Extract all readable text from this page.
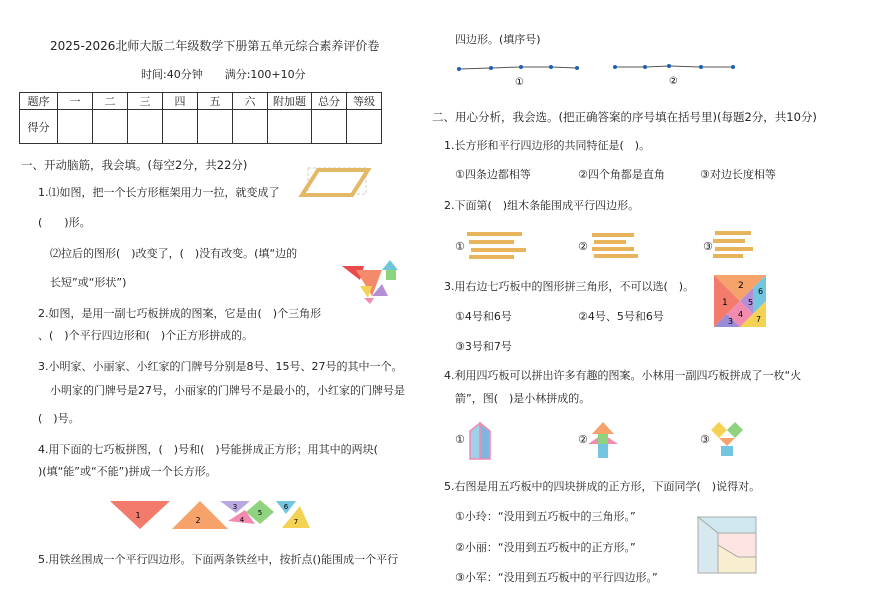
2025-2026北师大版二年级数学下册第五单元综合素养评价卷
时间:40分钟　　满分:100+10分
题序	一	二	三	四	五	六	附加题	总分	等级
得分									
一、开动脑筋，我会填。(每空2分，共22分)
1.⑴如图，把一个长方形框架用力一拉，就变成了
(　　)形。
⑵拉后的图形(　)改变了，(　)没有改变。(填“边的
长短”或“形状”)
2.如图，是用一副七巧板拼成的图案，它是由(　)个三角形
、(　)个平行四边形和(　)个正方形拼成的。
3.小明家、小丽家、小红家的门牌号分别是8号、15号、27号的其中一个。
小明家的门牌号是27号，小丽家的门牌号不是最小的，小红家的门牌号是
(　)号。
4.用下面的七巧板拼图，(　)号和(　)号能拼成正方形；用其中的两块(
)(填“能”或“不能”)拼成一个长方形。
1
2
3
4
5
6
7
5.用铁丝围成一个平行四边形。下面两条铁丝中，按折点()能围成一个平行
四边形。(填序号)
①	②
二、用心分析，我会选。(把正确答案的序号填在括号里)(每题2分，共10分)
1.长方形和平行四边形的共同特征是(　)。
①四条边都相等	②四个角都是直角	③对边长度相等
2.下面第(　)组木条能围成平行四边形。
①	②	③
3.用右边七巧板中的图形拼三角形，不可以选(　)。
①4号和6号	②4号、5号和6号
③3号和7号
1
2
3
4
5
6
7
4.利用四巧板可以拼出许多有趣的图案。小林用一副四巧板拼成了一枚“火
箭”，图(　)是小林拼成的。
①	②	③
5.右图是用五巧板中的四块拼成的正方形，下面同学(　)说得对。
①小玲：“没用到五巧板中的三角形。”
②小丽：“没用到五巧板中的正方形。”
③小军：“没用到五巧板中的平行四边形。”
